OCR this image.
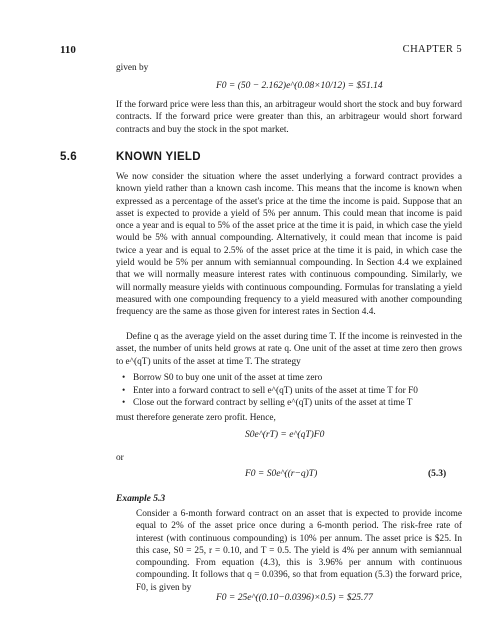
110	CHAPTER 5
given by
F0 = (50 − 2.162)e^(0.08×10/12) = $51.14
If the forward price were less than this, an arbitrageur would short the stock and buy forward contracts. If the forward price were greater than this, an arbitrageur would short forward contracts and buy the stock in the spot market.
5.6	KNOWN YIELD
We now consider the situation where the asset underlying a forward contract provides a known yield rather than a known cash income. This means that the income is known when expressed as a percentage of the asset's price at the time the income is paid. Suppose that an asset is expected to provide a yield of 5% per annum. This could mean that income is paid once a year and is equal to 5% of the asset price at the time it is paid, in which case the yield would be 5% with annual compounding. Alternatively, it could mean that income is paid twice a year and is equal to 2.5% of the asset price at the time it is paid, in which case the yield would be 5% per annum with semiannual compounding. In Section 4.4 we explained that we will normally measure interest rates with continuous compounding. Similarly, we will normally measure yields with continuous compounding. Formulas for translating a yield measured with one compounding frequency to a yield measured with another compounding frequency are the same as those given for interest rates in Section 4.4.
Define q as the average yield on the asset during time T. If the income is reinvested in the asset, the number of units held grows at rate q. One unit of the asset at time zero then grows to e^(qT) units of the asset at time T. The strategy
• Borrow S0 to buy one unit of the asset at time zero
• Enter into a forward contract to sell e^(qT) units of the asset at time T for F0
• Close out the forward contract by selling e^(qT) units of the asset at time T
must therefore generate zero profit. Hence,
S0e^(rT) = e^(qT)F0
or
F0 = S0e^((r−q)T)	(5.3)
Example 5.3
Consider a 6-month forward contract on an asset that is expected to provide income equal to 2% of the asset price once during a 6-month period. The risk-free rate of interest (with continuous compounding) is 10% per annum. The asset price is $25. In this case, S0 = 25, r = 0.10, and T = 0.5. The yield is 4% per annum with semiannual compounding. From equation (4.3), this is 3.96% per annum with continuous compounding. It follows that q = 0.0396, so that from equation (5.3) the forward price, F0, is given by
F0 = 25e^((0.10−0.0396)×0.5) = $25.77
